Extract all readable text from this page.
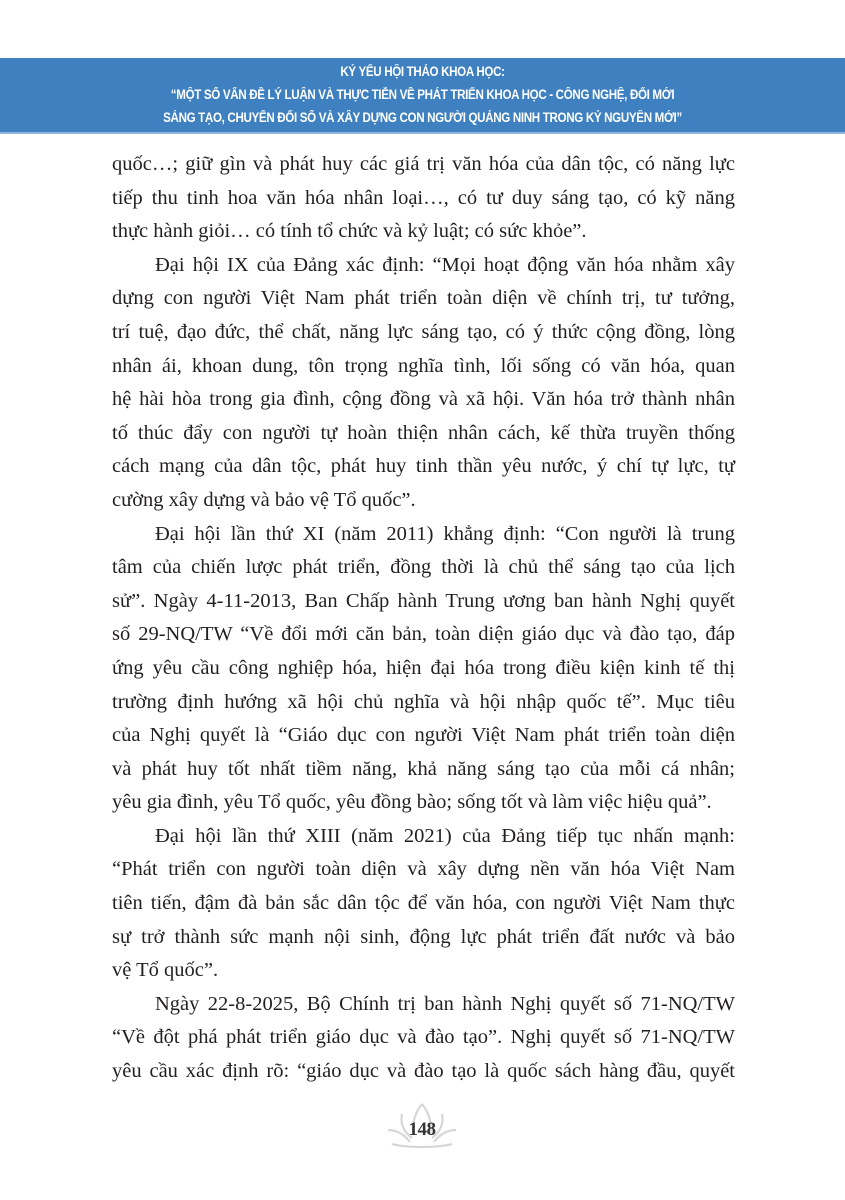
KỶ YẾU HỘI THẢO KHOA HỌC:
“MỘT SỐ VẤN ĐỀ LÝ LUẬN VÀ THỰC TIỄN VỀ PHÁT TRIỂN KHOA HỌC - CÔNG NGHỆ, ĐỔI MỚI
SÁNG TẠO, CHUYỂN ĐỔI SỐ VÀ XÂY DỰNG CON NGƯỜI QUẢNG NINH TRONG KỶ NGUYÊN MỚI”
quốc…; giữ gìn và phát huy các giá trị văn hóa của dân tộc, có năng lực
tiếp thu tinh hoa văn hóa nhân loại…, có tư duy sáng tạo, có kỹ năng
thực hành giỏi… có tính tổ chức và kỷ luật; có sức khỏe”.
Đại hội IX của Đảng xác định: “Mọi hoạt động văn hóa nhằm xây
dựng con người Việt Nam phát triển toàn diện về chính trị, tư tưởng,
trí tuệ, đạo đức, thể chất, năng lực sáng tạo, có ý thức cộng đồng, lòng
nhân ái, khoan dung, tôn trọng nghĩa tình, lối sống có văn hóa, quan
hệ hài hòa trong gia đình, cộng đồng và xã hội. Văn hóa trở thành nhân
tố thúc đẩy con người tự hoàn thiện nhân cách, kế thừa truyền thống
cách mạng của dân tộc, phát huy tinh thần yêu nước, ý chí tự lực, tự
cường xây dựng và bảo vệ Tổ quốc”.
Đại hội lần thứ XI (năm 2011) khẳng định: “Con người là trung
tâm của chiến lược phát triển, đồng thời là chủ thể sáng tạo của lịch
sử”. Ngày 4-11-2013, Ban Chấp hành Trung ương ban hành Nghị quyết
số 29-NQ/TW “Về đổi mới căn bản, toàn diện giáo dục và đào tạo, đáp
ứng yêu cầu công nghiệp hóa, hiện đại hóa trong điều kiện kinh tế thị
trường định hướng xã hội chủ nghĩa và hội nhập quốc tế”. Mục tiêu
của Nghị quyết là “Giáo dục con người Việt Nam phát triển toàn diện
và phát huy tốt nhất tiềm năng, khả năng sáng tạo của mỗi cá nhân;
yêu gia đình, yêu Tổ quốc, yêu đồng bào; sống tốt và làm việc hiệu quả”.
Đại hội lần thứ XIII (năm 2021) của Đảng tiếp tục nhấn mạnh:
“Phát triển con người toàn diện và xây dựng nền văn hóa Việt Nam
tiên tiến, đậm đà bản sắc dân tộc để văn hóa, con người Việt Nam thực
sự trở thành sức mạnh nội sinh, động lực phát triển đất nước và bảo
vệ Tổ quốc”.
Ngày 22-8-2025, Bộ Chính trị ban hành Nghị quyết số 71-NQ/TW
“Về đột phá phát triển giáo dục và đào tạo”. Nghị quyết số 71-NQ/TW
yêu cầu xác định rõ: “giáo dục và đào tạo là quốc sách hàng đầu, quyết
148
